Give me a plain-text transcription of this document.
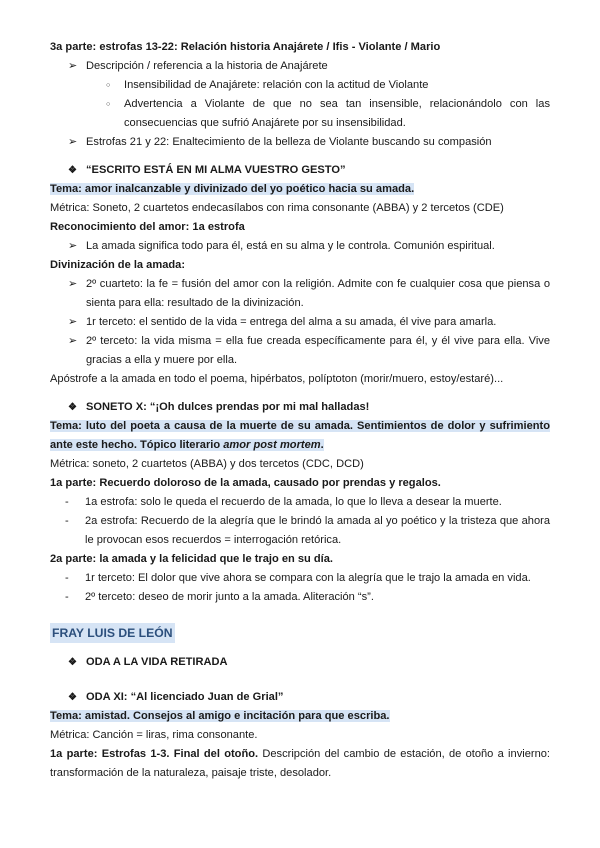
3a parte: estrofas 13-22: Relación historia Anajárete / Ifis - Violante / Mario

➢ Descripción / referencia a la historia de Anajárete
○	Insensibilidad de Anajárete: relación con la actitud de Violante
○	Advertencia a Violante de que no sea tan insensible, relacionándolo con las consecuencias que sufrió Anajárete por su insensibilidad.
➢ Estrofas 21 y 22: Enaltecimiento de la belleza de Violante buscando su compasión
❖ “ESCRITO ESTÁ EN MI ALMA VUESTRO GESTO”

Tema: amor inalcanzable y divinizado del yo poético hacia su amada.

Métrica: Soneto, 2 cuartetos endecasílabos con rima consonante (ABBA) y 2 tercetos (CDE)

Reconocimiento del amor: 1a estrofa

➢ La amada significa todo para él, está en su alma y le controla. Comunión espiritual.

Divinización de la amada:

➢ 2º cuarteto: la fe = fusión del amor con la religión. Admite con fe cualquier cosa que piensa o sienta para ella: resultado de la divinización.
➢ 1r terceto: el sentido de la vida = entrega del alma a su amada, él vive para amarla.
➢ 2º terceto: la vida misma = ella fue creada específicamente para él, y él vive para ella. Vive gracias a ella y muere por ella.

Apóstrofe a la amada en todo el poema, hipérbatos, políptoton (morir/muero, estoy/estaré)...

❖ SONETO X: “¡Oh dulces prendas por mi mal halladas!

Tema: luto del poeta a causa de la muerte de su amada. Sentimientos de dolor y sufrimiento ante este hecho. Tópico literario amor post mortem.

Métrica: soneto, 2 cuartetos (ABBA) y dos tercetos (CDC, DCD)

1a parte: Recuerdo doloroso de la amada, causado por prendas y regalos.

-	1a estrofa: solo le queda el recuerdo de la amada, lo que lo lleva a desear la muerte.
-	2a estrofa: Recuerdo de la alegría que le brindó la amada al yo poético y la tristeza que ahora le provocan esos recuerdos = interrogación retórica.

2a parte: la amada y la felicidad que le trajo en su día.

-	1r terceto: El dolor que vive ahora se compara con la alegría que le trajo la amada en vida.
-	2º terceto: deseo de morir junto a la amada. Aliteración “s”.

FRAY LUIS DE LEÓN

❖ ODA A LA VIDA RETIRADA
❖ ODA XI: “Al licenciado Juan de Grial”

Tema: amistad. Consejos al amigo e incitación para que escriba.

Métrica: Canción = liras, rima consonante.

1a parte: Estrofas 1-3. Final del otoño. Descripción del cambio de estación, de otoño a invierno: transformación de la naturaleza, paisaje triste, desolador.
